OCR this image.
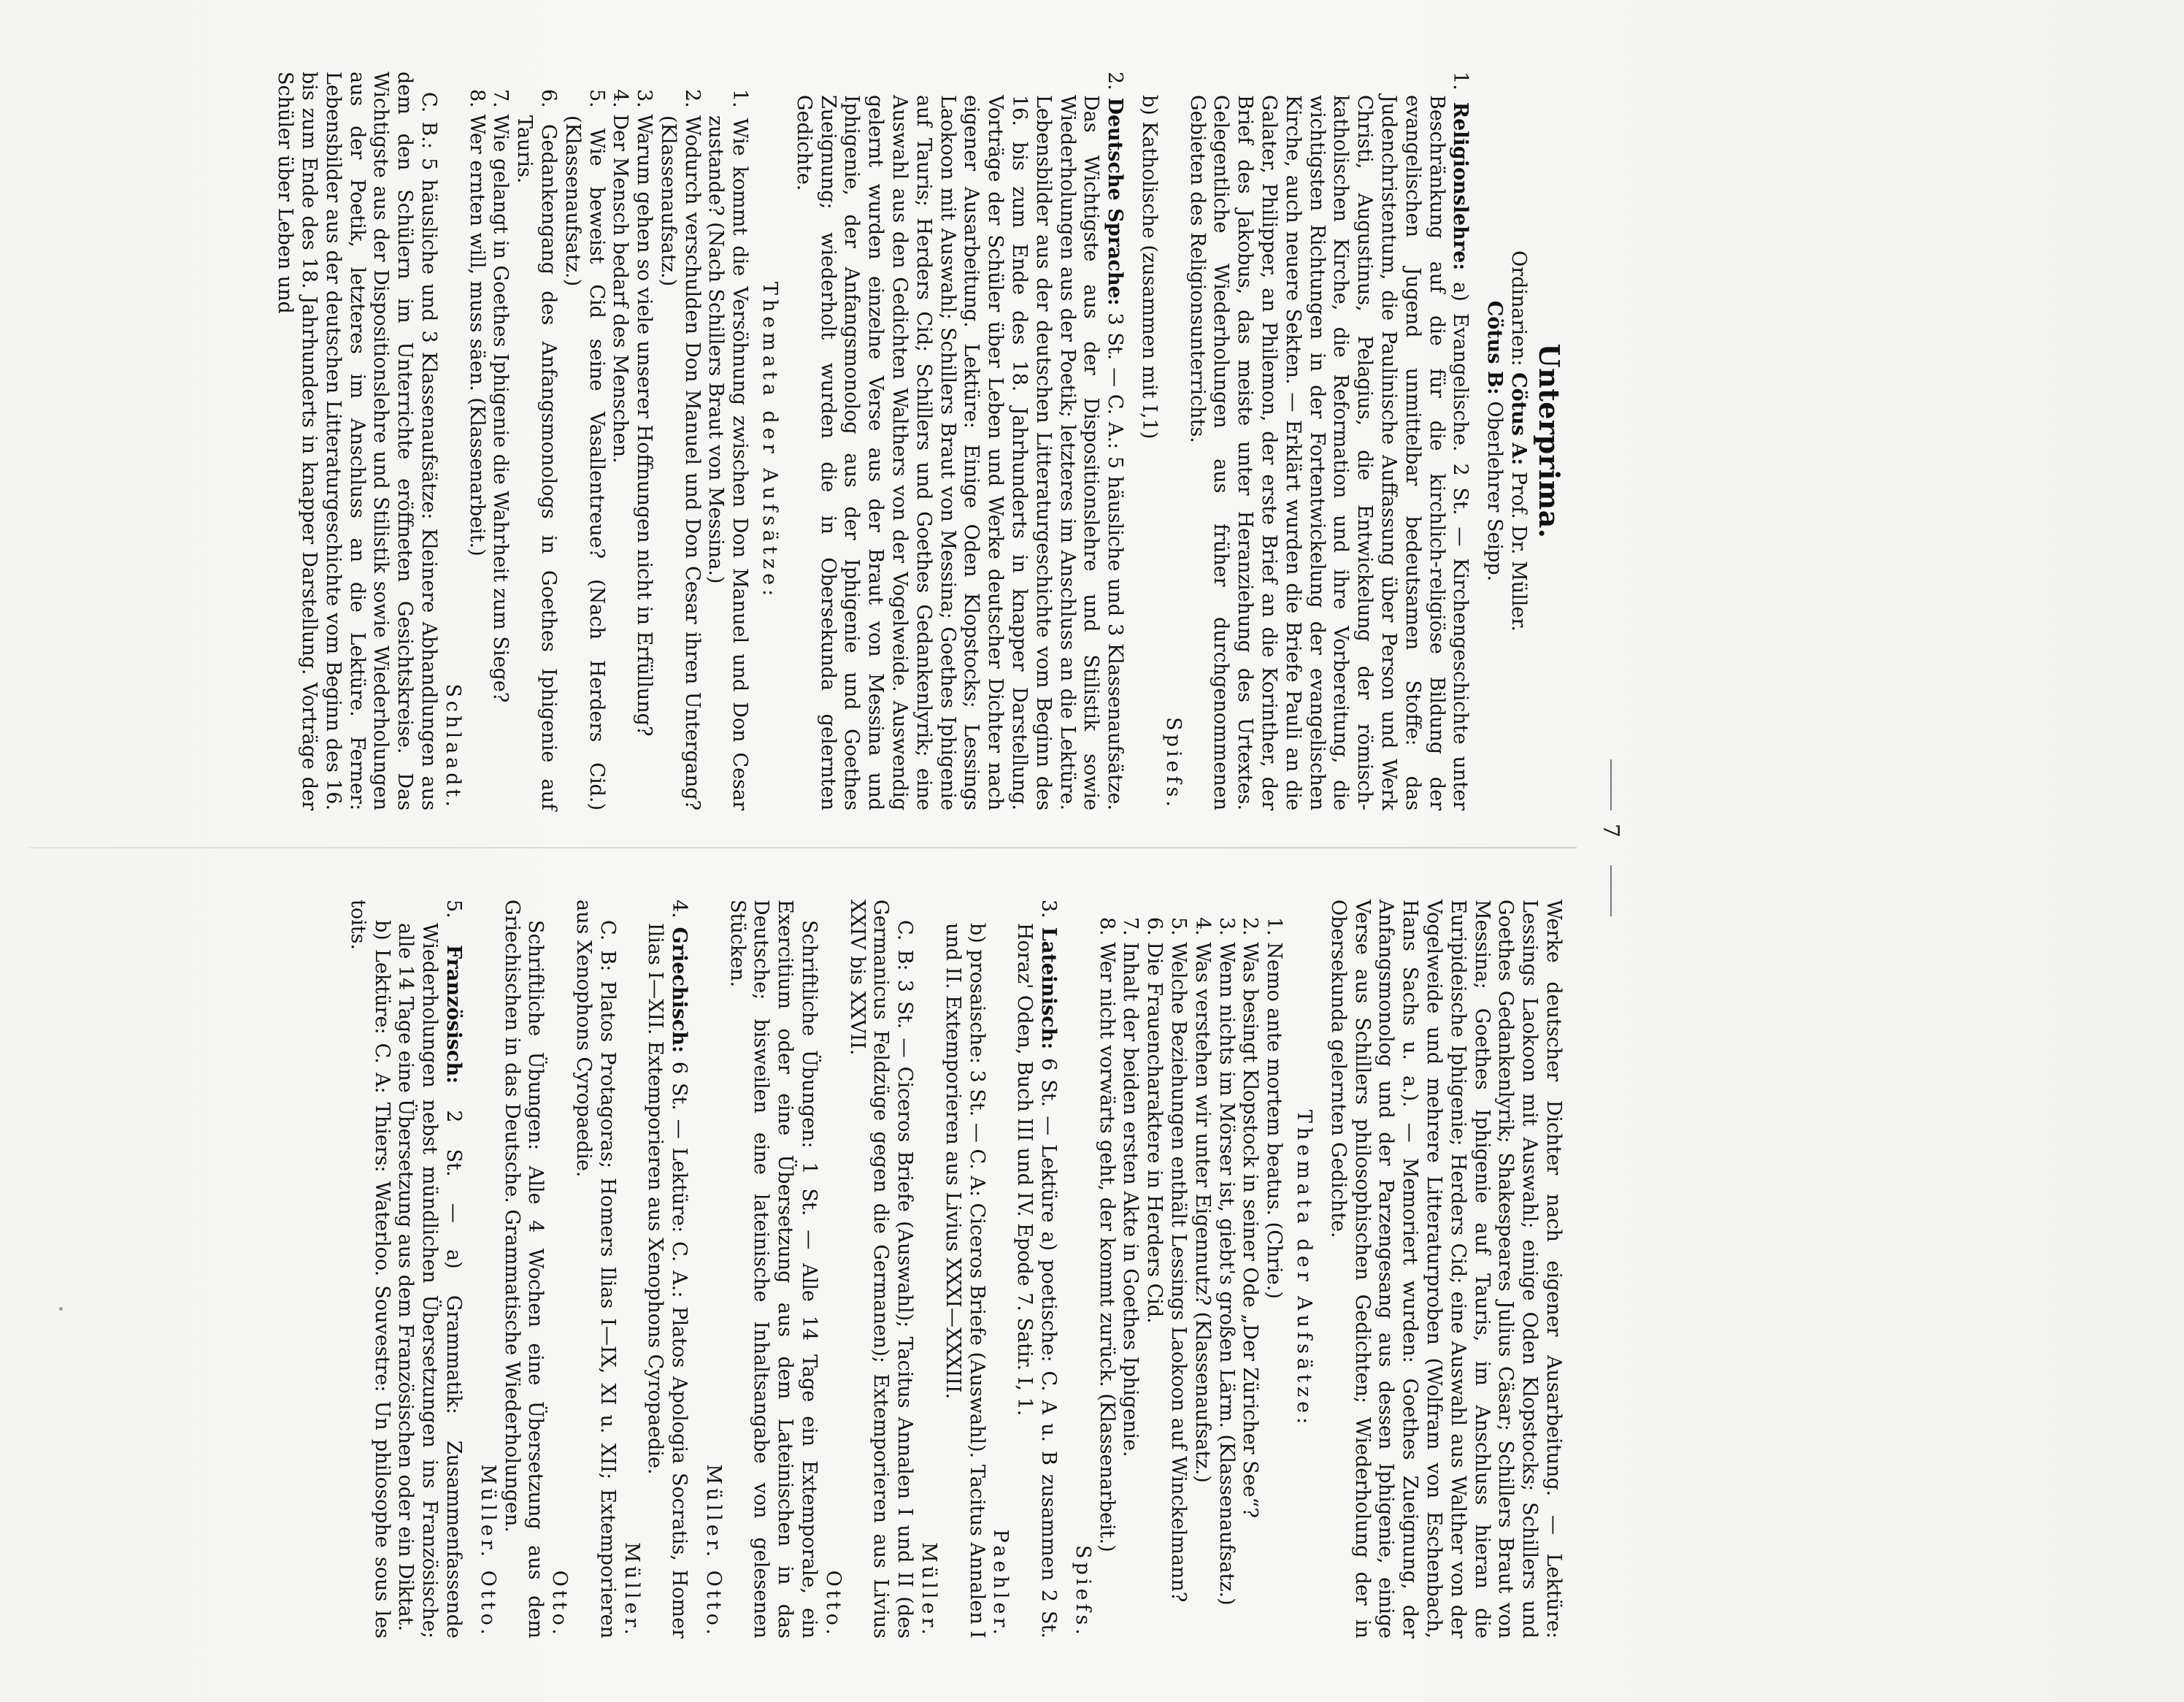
7
Unterprima.

Ordinarien: Cötus A: Prof. Dr. Müller.

Cötus B: Oberlehrer Seipp.

1. Religionslehre: a) Evangelische. 2 St. — Kirchengeschichte unter Beschränkung auf die für die kirchlich-religiöse Bildung der evangelischen Jugend unmittelbar bedeutsamen Stoffe: das Judenchristentum, die Paulinische Auffassung über Person und Werk Christi, Augustinus, Pelagius, die Entwickelung der römisch-katholischen Kirche, die Reformation und ihre Vorbereitung, die wichtigsten Richtungen in der Fortentwickelung der evangelischen Kirche, auch neuere Sekten. — Erklärt wurden die Briefe Pauli an die Galater, Philipper, an Philemon, der erste Brief an die Korinther, der Brief des Jakobus, das meiste unter Heranziehung des Urtextes. Gelegentliche Wiederholungen aus früher durchgenommenen Gebieten des Religionsunterrichts.

Spiefs.

b) Katholische (zusammen mit I,1)

2. Deutsche Sprache: 3 St. — C. A.: 5 häusliche und 3 Klassenaufsätze. Das Wichtigste aus der Dispositionslehre und Stilistik sowie Wiederholungen aus der Poetik; letzteres im Anschluss an die Lektüre. Lebensbilder aus der deutschen Litteraturgeschichte vom Beginn des 16. bis zum Ende des 18. Jahrhunderts in knapper Darstellung. Vorträge der Schüler über Leben und Werke deutscher Dichter nach eigener Ausarbeitung. Lektüre: Einige Oden Klopstocks; Lessings Laokoon mit Auswahl; Schillers Braut von Messina; Goethes Iphigenie auf Tauris; Herders Cid; Schillers und Goethes Gedankenlyrik; eine Auswahl aus den Gedichten Walthers von der Vogelweide. Auswendig gelernt wurden einzelne Verse aus der Braut von Messina und Iphigenie, der Anfangsmonolog aus der Iphigenie und Goethes Zueignung; wiederholt wurden die in Obersekunda gelernten Gedichte.

Themata der Aufsätze:

1. Wie kommt die Versöhnung zwischen Don Manuel und Don Cesar zustande? (Nach Schillers Braut von Messina.)

2. Wodurch verschulden Don Manuel und Don Cesar ihren Untergang? (Klassenaufsatz.)

3. Warum gehen so viele unserer Hoffnungen nicht in Erfüllung?

4. Der Mensch bedarf des Menschen.

5. Wie beweist Cid seine Vasallentreue? (Nach Herders Cid.) (Klassenaufsatz.)

6. Gedankengang des Anfangsmonologs in Goethes Iphigenie auf Tauris.

7. Wie gelangt in Goethes Iphigenie die Wahrheit zum Siege?

8. Wer ernten will, muss säen. (Klassenarbeit.)

Schlaadt.

C. B.: 5 häusliche und 3 Klassenaufsätze: Kleinere Abhandlungen aus dem den Schülern im Unterrichte eröffneten Gesichtskreise. Das Wichtigste aus der Dispositionslehre und Stilistik sowie Wiederholungen aus der Poetik, letzteres im Anschluss an die Lektüre. Ferner: Lebensbilder aus der deutschen Litteraturgeschichte vom Beginn des 16. bis zum Ende des 18. Jahrhunderts in knapper Darstellung. Vorträge der Schüler über Leben und

Werke deutscher Dichter nach eigener Ausarbeitung. — Lektüre: Lessings Laokoon mit Auswahl; einige Oden Klopstocks; Schillers und Goethes Gedankenlyrik; Shakespeares Julius Cäsar; Schillers Braut von Messina; Goethes Iphigenie auf Tauris, im Anschluss hieran die Euripideische Iphigenie; Herders Cid; eine Auswahl aus Walther von der Vogelweide und mehrere Litteraturproben (Wolfram von Eschenbach, Hans Sachs u. a.). — Memoriert wurden: Goethes Zueignung, der Anfangsmonolog und der Parzengesang aus dessen Iphigenie, einige Verse aus Schillers philosophischen Gedichten; Wiederholung der in Obersekunda gelernten Gedichte.

Themata der Aufsätze:

1. Nemo ante mortem beatus. (Chrie.)

2. Was besingt Klopstock in seiner Ode „Der Züricher See“?

3. Wenn nichts im Mörser ist, giebt's großen Lärm. (Klassenaufsatz.)

4. Was verstehen wir unter Eigennutz? (Klassenaufsatz.)

5. Welche Beziehungen enthält Lessings Laokoon auf Winckelmann?

6. Die Frauencharaktere in Herders Cid.

7. Inhalt der beiden ersten Akte in Goethes Iphigenie.

8. Wer nicht vorwärts geht, der kommt zurück. (Klassenarbeit.)

Spiefs.

3. Lateinisch: 6 St. — Lektüre a) poetische: C. A u. B zusammen 2 St. Horaz' Oden, Buch III und IV. Epode 7. Satir. I, 1.

Paehler.

b) prosaische: 3 St. — C. A: Ciceros Briefe (Auswahl). Tacitus Annalen I und II. Extemporieren aus Livius XXXI—XXXIII.

Müller.

C. B: 3 St. — Ciceros Briefe (Auswahl); Tacitus Annalen I und II (des Germanicus Feldzüge gegen die Germanen); Extemporieren aus Livius XXIV bis XXVII.

Otto.

Schriftliche Übungen: 1 St. — Alle 14 Tage ein Extemporale, ein Exercitium oder eine Übersetzung aus dem Lateinischen in das Deutsche; bisweilen eine lateinische Inhaltsangabe von gelesenen Stücken.

Müller. Otto.

4. Griechisch: 6 St. — Lektüre: C. A.: Platos Apologia Socratis, Homer Ilias I—XII. Extemporieren aus Xenophons Cyropaedie.

Müller.

C. B: Platos Protagoras; Homers Ilias I—IX, XI u. XII; Extemporieren aus Xenophons Cyropaedie.

Otto.

Schriftliche Übungen: Alle 4 Wochen eine Übersetzung aus dem Griechischen in das Deutsche. Grammatische Wiederholungen.

Müller. Otto.

5. Französisch: 2 St. — a) Grammatik: Zusammenfassende Wiederholungen nebst mündlichen Übersetzungen ins Französische; alle 14 Tage eine Übersetzung aus dem Französischen oder ein Diktat.

b) Lektüre: C. A: Thiers: Waterloo. Souvestre: Un philosophe sous les toits.
